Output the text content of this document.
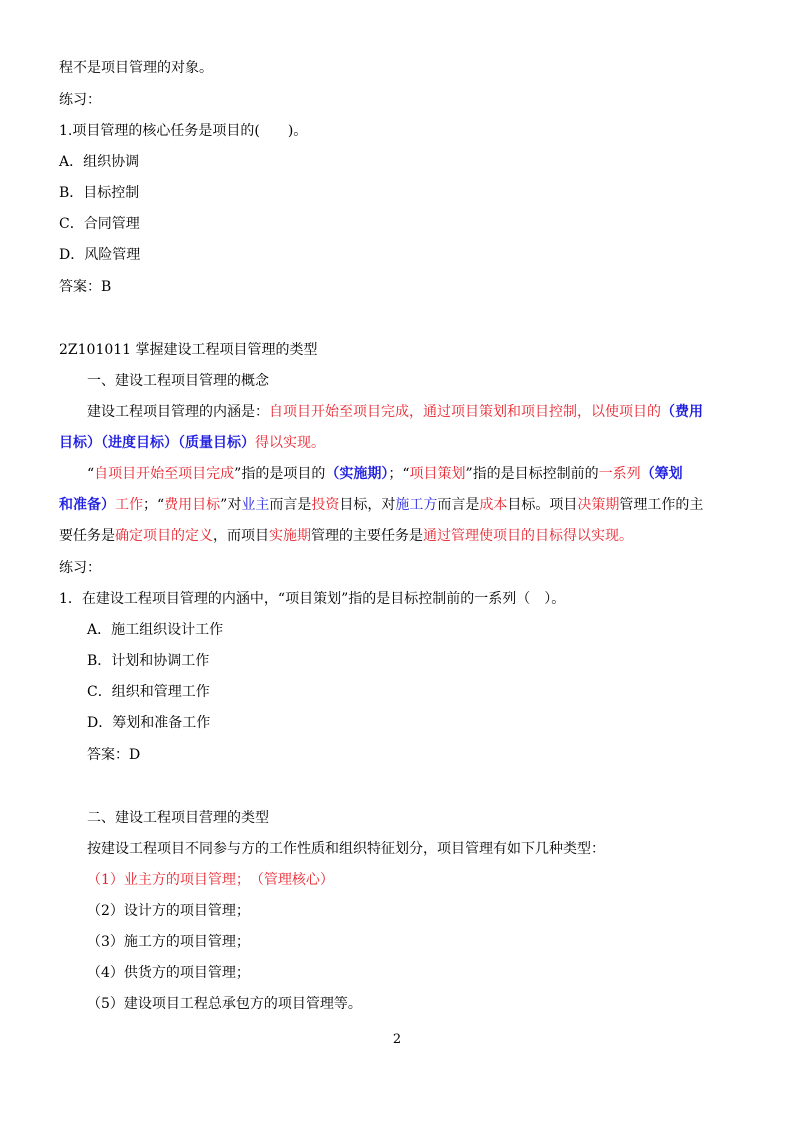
程不是项目管理的对象。
练习：
1.项目管理的核心任务是项目的(　　)。
A．组织协调
B．目标控制
C．合同管理
D．风险管理
答案：B
2Z101011 掌握建设工程项目管理的类型
一、建设工程项目管理的概念
建设工程项目管理的内涵是：自项目开始至项目完成，通过项目策划和项目控制，以使项目的（费用
目标）（进度目标）（质量目标）得以实现。
“自项目开始至项目完成”指的是项目的（实施期）；“项目策划”指的是目标控制前的一系列（筹划
和准备）工作；“费用目标”对业主而言是投资目标，对施工方而言是成本目标。项目决策期管理工作的主
要任务是确定项目的定义，而项目实施期管理的主要任务是通过管理使项目的目标得以实现。
练习：
1．在建设工程项目管理的内涵中，“项目策划”指的是目标控制前的一系列（　）。
A．施工组织设计工作
B．计划和协调工作
C．组织和管理工作
D．筹划和准备工作
答案：D
二、建设工程项目营理的类型
按建设工程项目不同参与方的工作性质和组织特征划分，项目管理有如下几种类型：
（1）业主方的项目管理；　（管理核心）
（2）设计方的项目管理；
（3）施工方的项目管理；
（4）供货方的项目管理；
（5）建设项目工程总承包方的项目管理等。
2
